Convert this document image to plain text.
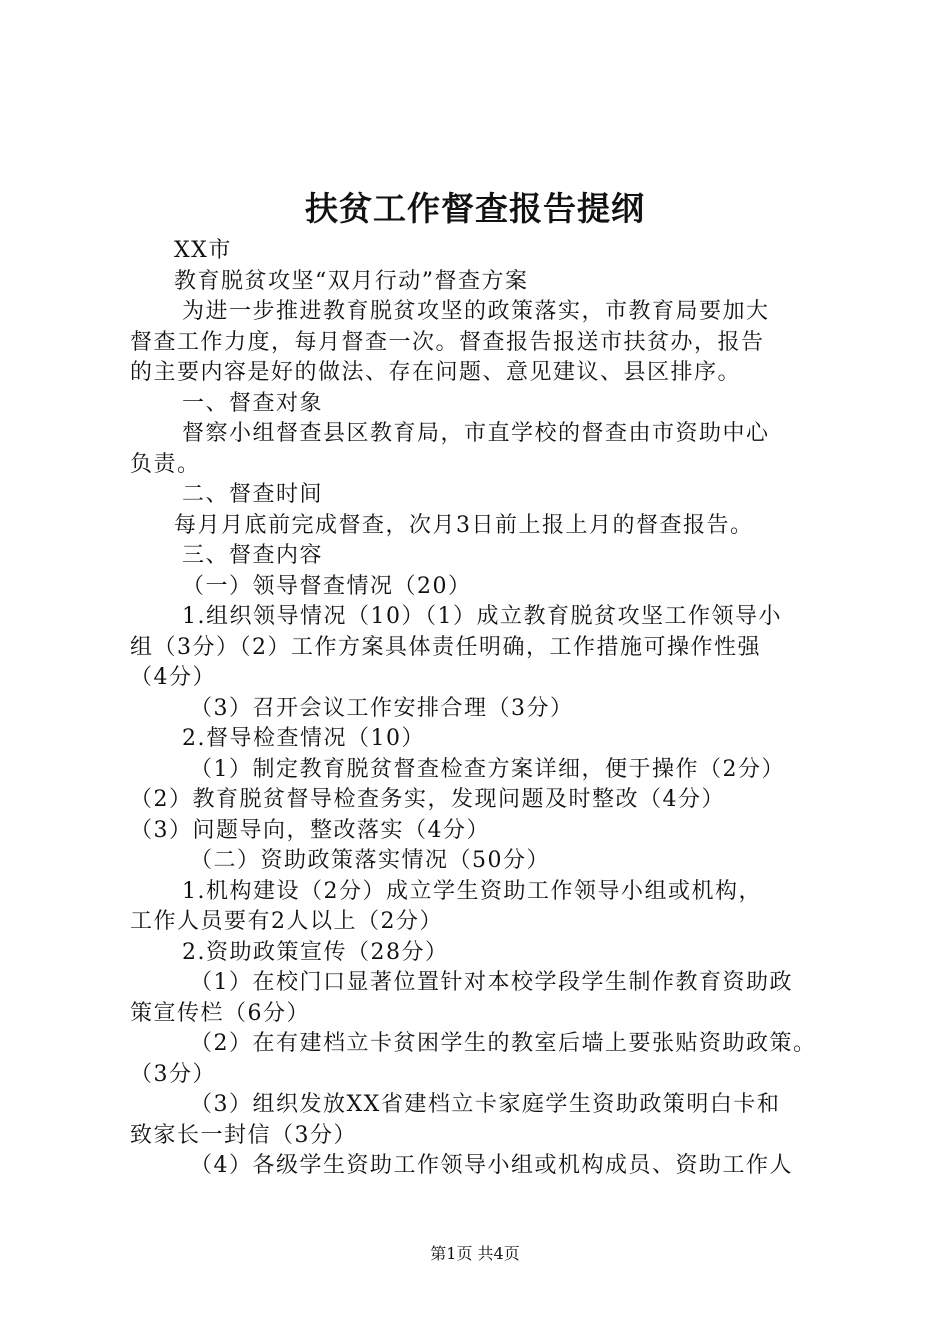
扶贫工作督查报告提纲
XX市
教育脱贫攻坚“双月行动”督查方案
为进一步推进教育脱贫攻坚的政策落实，市教育局要加大
督查工作力度，每月督查一次。督查报告报送市扶贫办，报告
的主要内容是好的做法、存在问题、意见建议、县区排序。
一、督查对象
督察小组督查县区教育局，市直学校的督查由市资助中心
负责。
二、督查时间
每月月底前完成督查，次月3日前上报上月的督查报告。
三、督查内容
（一）领导督查情况（20）
1.组织领导情况（10）（1）成立教育脱贫攻坚工作领导小
组（3分）（2）工作方案具体责任明确，工作措施可操作性强
（4分）
（3）召开会议工作安排合理（3分）
2.督导检查情况（10）
（1）制定教育脱贫督查检查方案详细，便于操作（2分）
（2）教育脱贫督导检查务实，发现问题及时整改（4分）
（3）问题导向，整改落实（4分）
（二）资助政策落实情况（50分）
1.机构建设（2分）成立学生资助工作领导小组或机构，
工作人员要有2人以上（2分）
2.资助政策宣传（28分）
（1）在校门口显著位置针对本校学段学生制作教育资助政
策宣传栏（6分）
（2）在有建档立卡贫困学生的教室后墙上要张贴资助政策。
（3分）
（3）组织发放XX省建档立卡家庭学生资助政策明白卡和
致家长一封信（3分）
（4）各级学生资助工作领导小组或机构成员、资助工作人
第1页 共4页
